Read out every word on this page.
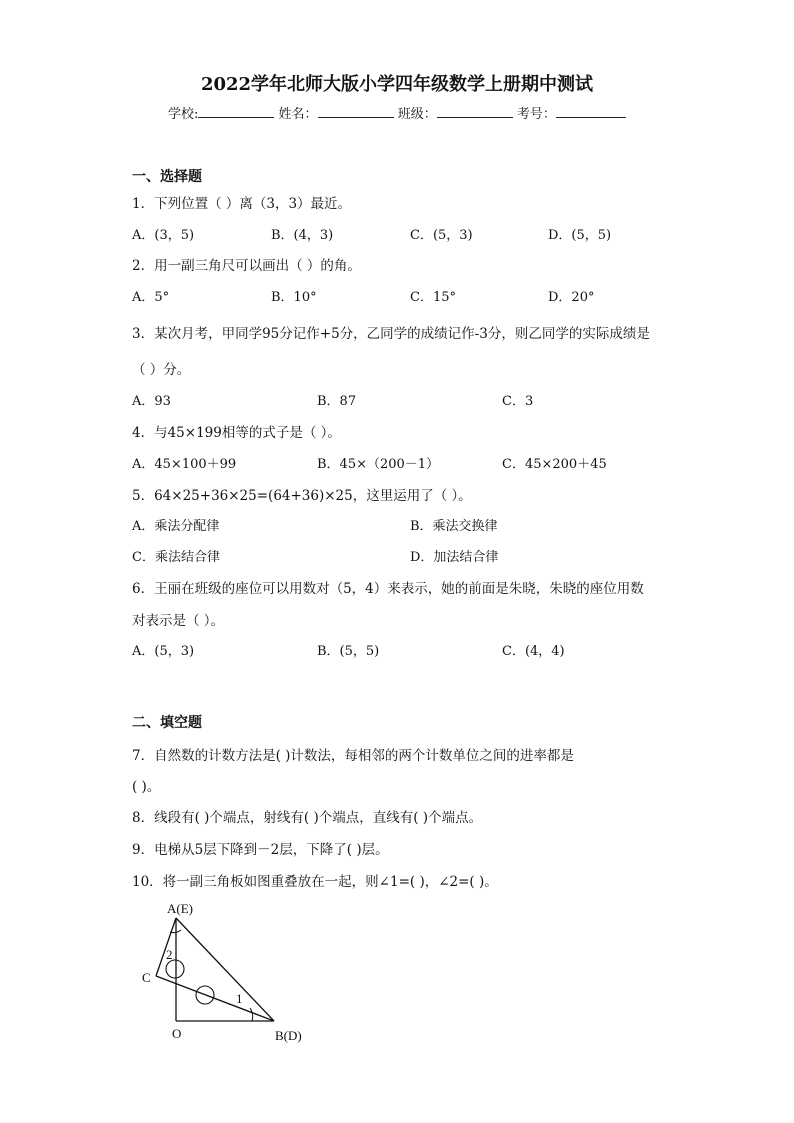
2022学年北师大版小学四年级数学上册期中测试
学校:	姓名：	班级：	考号：
一、选择题
1．下列位置（ ）离（3，3）最近。
A．(3，5)	B．(4，3)	C．(5，3)	D．(5，5)
2．用一副三角尺可以画出（ ）的角。
A．5°	B．10°	C．15°	D．20°
3．某次月考，甲同学95分记作+5分，乙同学的成绩记作-3分，则乙同学的实际成绩是
（ ）分。
A．93	B．87	C．3
4．与45×199相等的式子是（ ）。
A．45×100＋99	B．45×（200－1）	C．45×200＋45
5．64×25+36×25=(64+36)×25，这里运用了（ ）。
A．乘法分配律	B．乘法交换律
C．乘法结合律	D．加法结合律
6．王丽在班级的座位可以用数对（5，4）来表示，她的前面是朱晓，朱晓的座位用数
对表示是（ ）。
A．(5，3)	B．(5，5)	C．(4，4)
二、填空题
7．自然数的计数方法是( )计数法，每相邻的两个计数单位之间的进率都是
( )。
8．线段有( )个端点，射线有( )个端点，直线有( )个端点。
9．电梯从5层下降到－2层，下降了( )层。
10．将一副三角板如图重叠放在一起，则∠1=( )，∠2=( )。
A(E)
C
O	B(D)
1
2
